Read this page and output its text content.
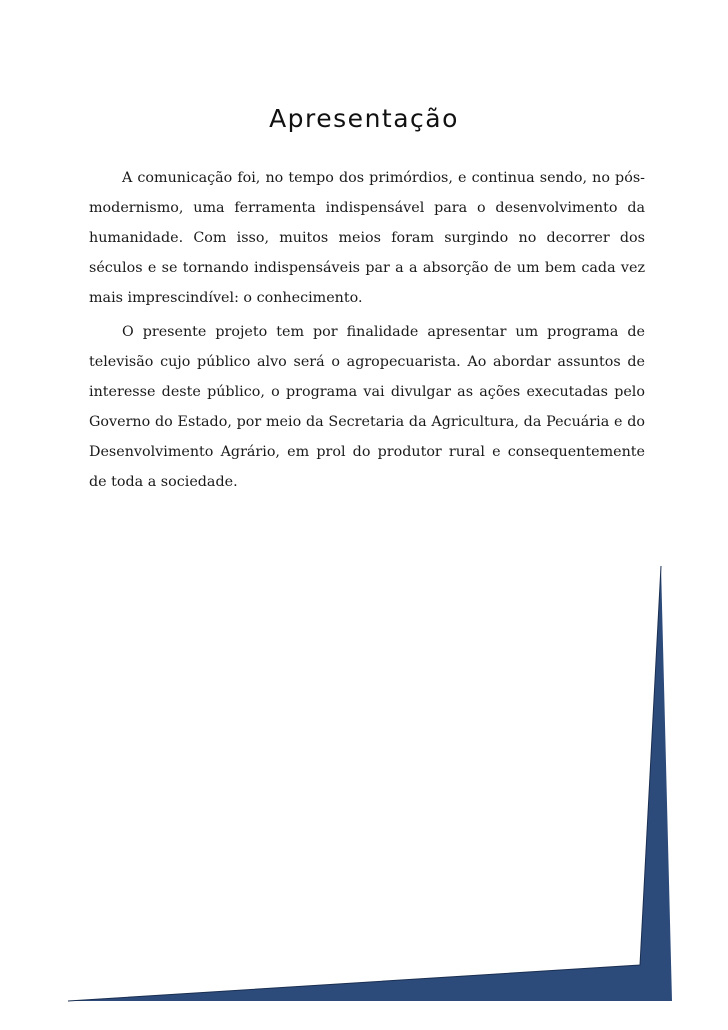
Apresentação

A comunicação foi, no tempo dos primórdios, e continua sendo, no pós-modernismo, uma ferramenta indispensável para o desenvolvimento da humanidade. Com isso, muitos meios foram surgindo no decorrer dos séculos e se tornando indispensáveis par a a absorção de um bem cada vez mais imprescindível: o conhecimento.

O presente projeto tem por finalidade apresentar um programa de televisão cujo público alvo será o agropecuarista. Ao abordar assuntos de interesse deste público, o programa vai divulgar as ações executadas pelo Governo do Estado, por meio da Secretaria da Agricultura, da Pecuária e do Desenvolvimento Agrário, em prol do produtor rural e consequentemente de toda a sociedade.
